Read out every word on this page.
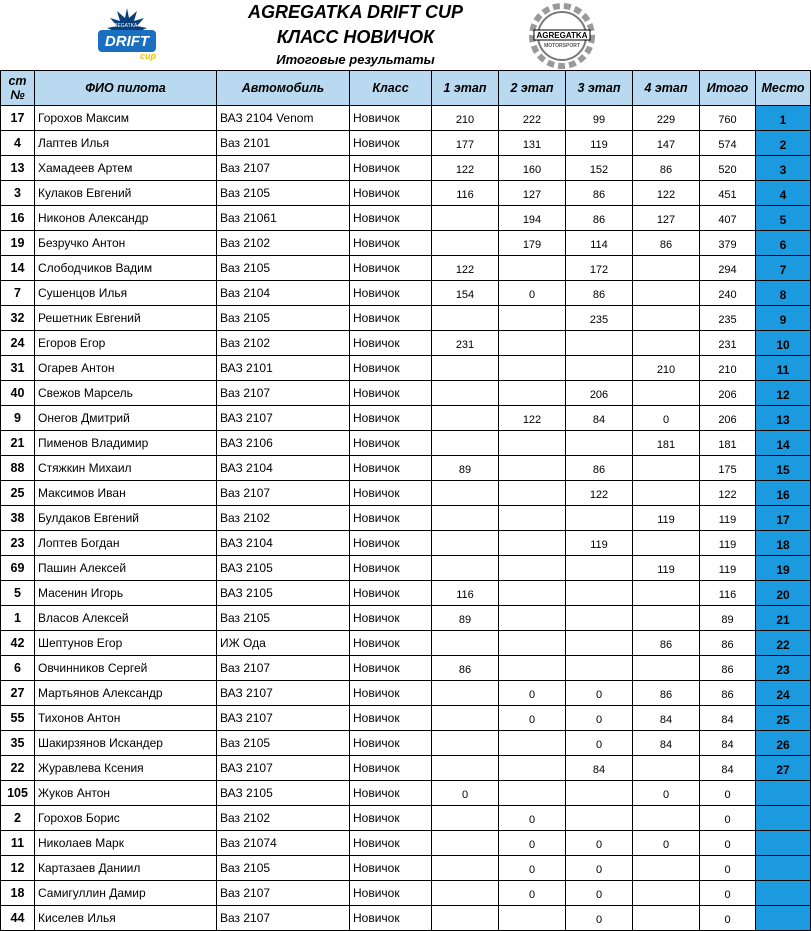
DRIFT
cup
AGREGATKA
AGREGATKA DRIFT CUP
КЛАСС НОВИЧОК
Итоговые результаты
AGREGATKA
MOTORSPORT
ст №	ФИО пилота	Автомобиль	Класс	1 этап	2 этап	3 этап	4 этап	Итого	Место
17	Горохов Максим	ВАЗ 2104 Venom	Новичок	210	222	99	229	760	1
4	Лаптев Илья	Ваз 2101	Новичок	177	131	119	147	574	2
13	Хамадеев Артем	Ваз 2107	Новичок	122	160	152	86	520	3
3	Кулаков Евгений	Ваз 2105	Новичок	116	127	86	122	451	4
16	Никонов Александр	Ваз 21061	Новичок		194	86	127	407	5
19	Безручко Антон	Ваз 2102	Новичок		179	114	86	379	6
14	Слободчиков Вадим	Ваз 2105	Новичок	122		172		294	7
7	Сушенцов Илья	Ваз 2104	Новичок	154	0	86		240	8
32	Решетник Евгений	Ваз 2105	Новичок			235		235	9
24	Егоров Егор	Ваз 2102	Новичок	231				231	10
31	Огарев Антон	ВАЗ 2101	Новичок				210	210	11
40	Свежов Марсель	Ваз 2107	Новичок			206		206	12
9	Онегов Дмитрий	ВАЗ 2107	Новичок		122	84	0	206	13
21	Пименов Владимир	ВАЗ 2106	Новичок				181	181	14
88	Стяжкин Михаил	ВАЗ 2104	Новичок	89		86		175	15
25	Максимов Иван	Ваз 2107	Новичок			122		122	16
38	Булдаков Евгений	Ваз 2102	Новичок				119	119	17
23	Лоптев Богдан	ВАЗ 2104	Новичок			119		119	18
69	Пашин Алексей	ВАЗ 2105	Новичок				119	119	19
5	Масенин Игорь	ВАЗ 2105	Новичок	116				116	20
1	Власов Алексей	Ваз 2105	Новичок	89				89	21
42	Шептунов Егор	ИЖ Ода	Новичок				86	86	22
6	Овчинников Сергей	Ваз 2107	Новичок	86				86	23
27	Мартьянов Александр	ВАЗ 2107	Новичок		0	0	86	86	24
55	Тихонов Антон	ВАЗ 2107	Новичок		0	0	84	84	25
35	Шакирзянов Искандер	Ваз 2105	Новичок			0	84	84	26
22	Журавлева Ксения	ВАЗ 2107	Новичок			84		84	27
105	Жуков Антон	ВАЗ 2105	Новичок	0			0	0	
2	Горохов Борис	Ваз 2102	Новичок		0			0	
11	Николаев Марк	Ваз 21074	Новичок		0	0	0	0	
12	Картазаев Даниил	Ваз 2105	Новичок		0	0		0	
18	Самигуллин Дамир	Ваз 2107	Новичок		0	0		0	
44	Киселев Илья	Ваз 2107	Новичок			0		0	
